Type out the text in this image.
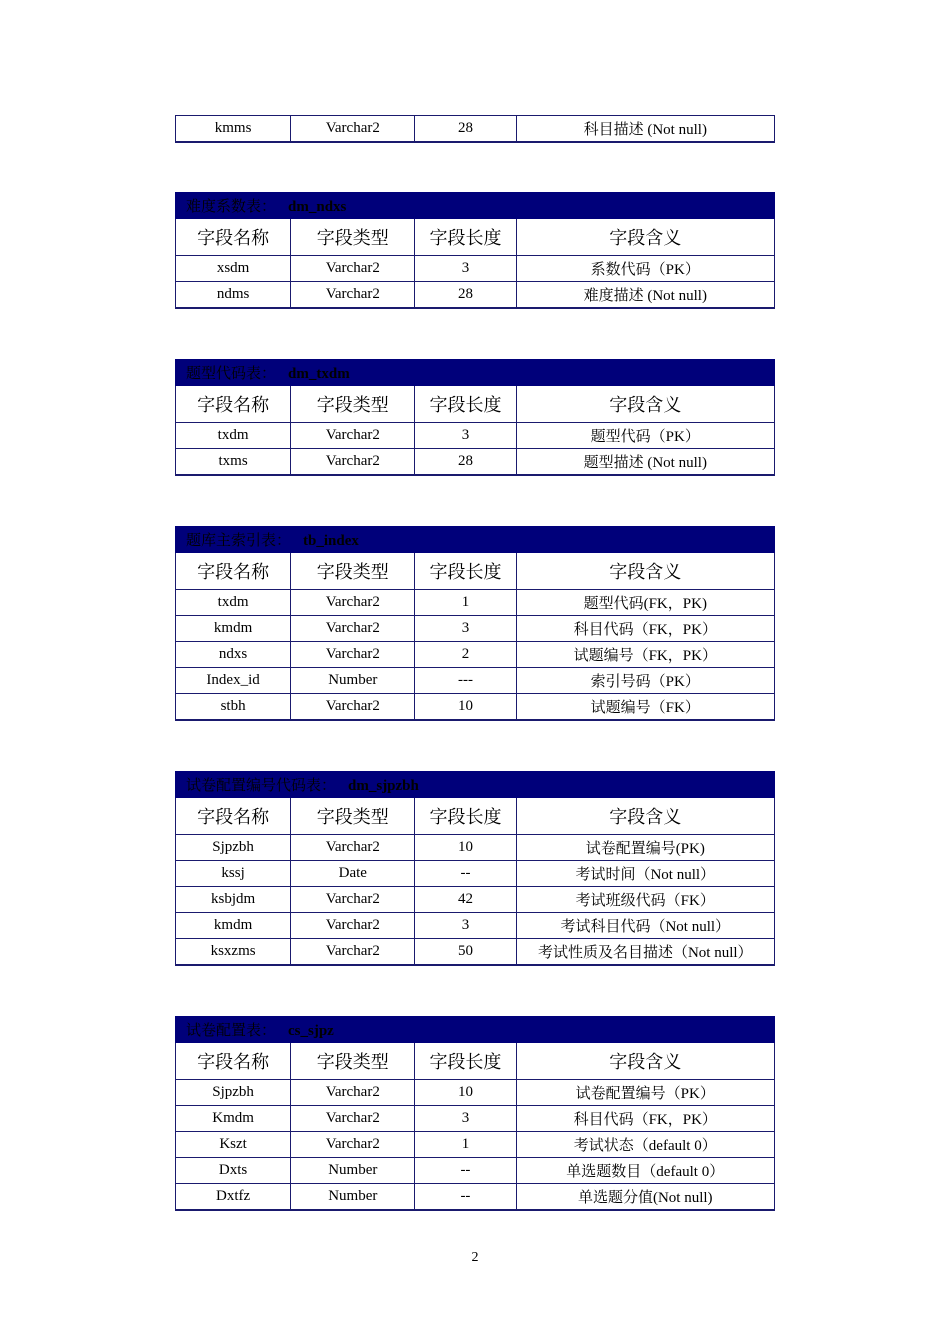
kmms	Varchar2	28	科目描述 (Not null)
难度系数表： dm_ndxs			
字段名称	字段类型	字段长度	字段含义
xsdm	Varchar2	3	系数代码（PK）
ndms	Varchar2	28	难度描述 (Not null)
题型代码表： dm_txdm			
字段名称	字段类型	字段长度	字段含义
txdm	Varchar2	3	题型代码（PK）
txms	Varchar2	28	题型描述 (Not null)
题库主索引表： tb_index			
字段名称	字段类型	字段长度	字段含义
txdm	Varchar2	1	题型代码(FK，PK)
kmdm	Varchar2	3	科目代码（FK，PK）
ndxs	Varchar2	2	试题编号（FK，PK）
Index_id	Number	---	索引号码（PK）
stbh	Varchar2	10	试题编号（FK）
试卷配置编号代码表： dm_sjpzbh			
字段名称	字段类型	字段长度	字段含义
Sjpzbh	Varchar2	10	试卷配置编号(PK)
kssj	Date	--	考试时间（Not null）
ksbjdm	Varchar2	42	考试班级代码（FK）
kmdm	Varchar2	3	考试科目代码（Not null）
ksxzms	Varchar2	50	考试性质及名目描述（Not null）
试卷配置表： cs_sjpz			
字段名称	字段类型	字段长度	字段含义
Sjpzbh	Varchar2	10	试卷配置编号（PK）
Kmdm	Varchar2	3	科目代码（FK，PK）
Kszt	Varchar2	1	考试状态（default 0）
Dxts	Number	--	单选题数目（default 0）
Dxtfz	Number	--	单选题分值(Not null)
2
